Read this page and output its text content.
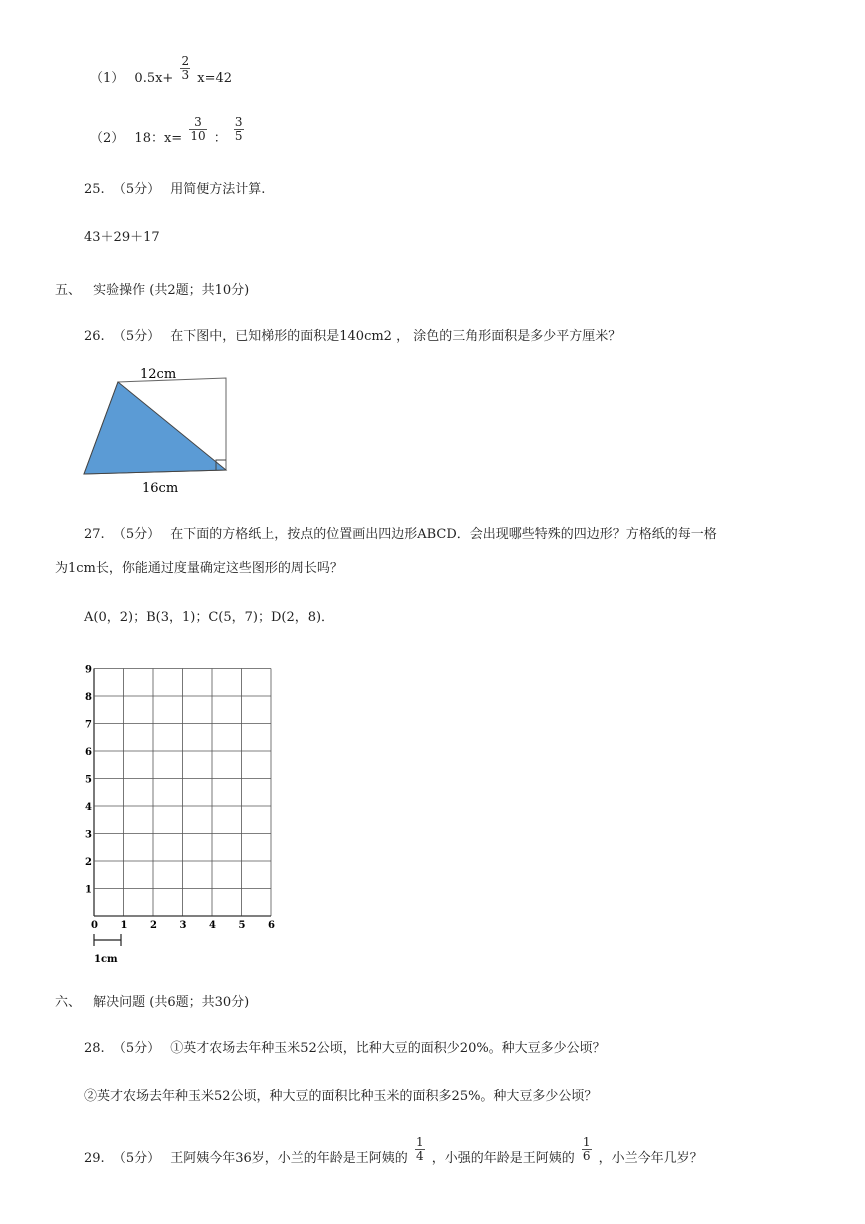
（1） $0.5x+ \frac{2}{3} x=42$
（2） 18：$x= \frac{3}{10}$ ： $\frac{3}{5}$
25. （5分） 用简便方法计算.
43＋29＋17
五、 实验操作 (共2题；共10分)
26. （5分） 在下图中，已知梯形的面积是140cm2 ， 涂色的三角形面积是多少平方厘米？
12cm
16cm
27. （5分） 在下面的方格纸上，按点的位置画出四边形ABCD．会出现哪些特殊的四边形？方格纸的每一格
为1cm长，你能通过度量确定这些图形的周长吗？
A(0，2)；B(3，1)；C(5，7)；D(2，8)．
0 1 2 3 4 5 6
1
2
3
4
5
6
7
8
9
1cm
六、 解决问题 (共6题；共30分)
28. （5分） ①英才农场去年种玉米52公顷，比种大豆的面积少20%。种大豆多少公顷？
②英才农场去年种玉米52公顷，种大豆的面积比种玉米的面积多25%。种大豆多少公顷？
29. （5分） 王阿姨今年36岁，小兰的年龄是王阿姨的 $\frac{1}{4}$ ，小强的年龄是王阿姨的 $\frac{1}{6}$ ，小兰今年几岁？
